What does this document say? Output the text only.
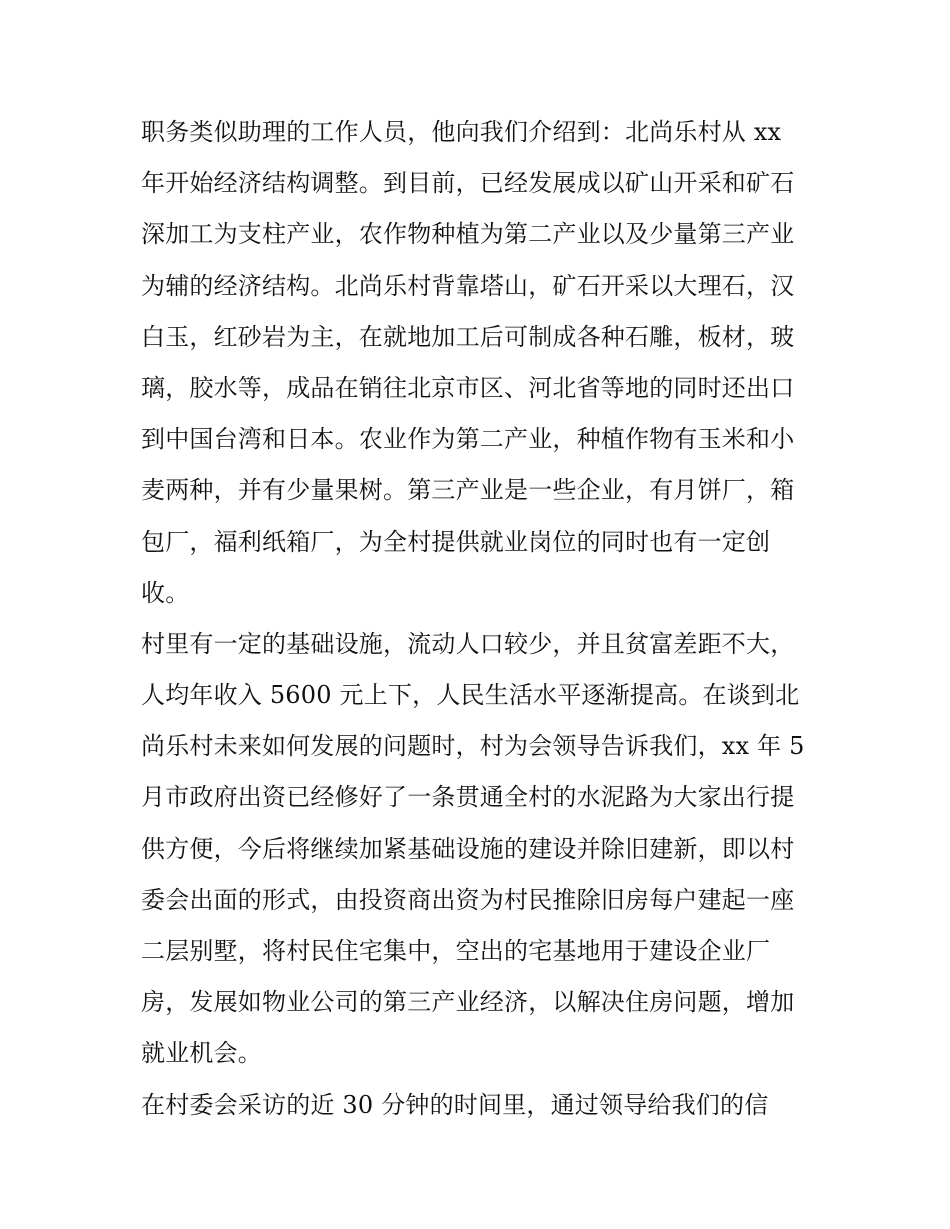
职务类似助理的工作人员，他向我们介绍到：北尚乐村从 xx
年开始经济结构调整。到目前，已经发展成以矿山开采和矿石
深加工为支柱产业，农作物种植为第二产业以及少量第三产业
为辅的经济结构。北尚乐村背靠塔山，矿石开采以大理石，汉
白玉，红砂岩为主，在就地加工后可制成各种石雕，板材，玻
璃，胶水等，成品在销往北京市区、河北省等地的同时还出口
到中国台湾和日本。农业作为第二产业，种植作物有玉米和小
麦两种，并有少量果树。第三产业是一些企业，有月饼厂，箱
包厂，福利纸箱厂，为全村提供就业岗位的同时也有一定创
收。
村里有一定的基础设施，流动人口较少，并且贫富差距不大，
人均年收入 5600 元上下，人民生活水平逐渐提高。在谈到北
尚乐村未来如何发展的问题时，村为会领导告诉我们，xx 年 5
月市政府出资已经修好了一条贯通全村的水泥路为大家出行提
供方便，今后将继续加紧基础设施的建设并除旧建新，即以村
委会出面的形式，由投资商出资为村民推除旧房每户建起一座
二层别墅，将村民住宅集中，空出的宅基地用于建设企业厂
房，发展如物业公司的第三产业经济，以解决住房问题，增加
就业机会。
在村委会采访的近 30 分钟的时间里，通过领导给我们的信
